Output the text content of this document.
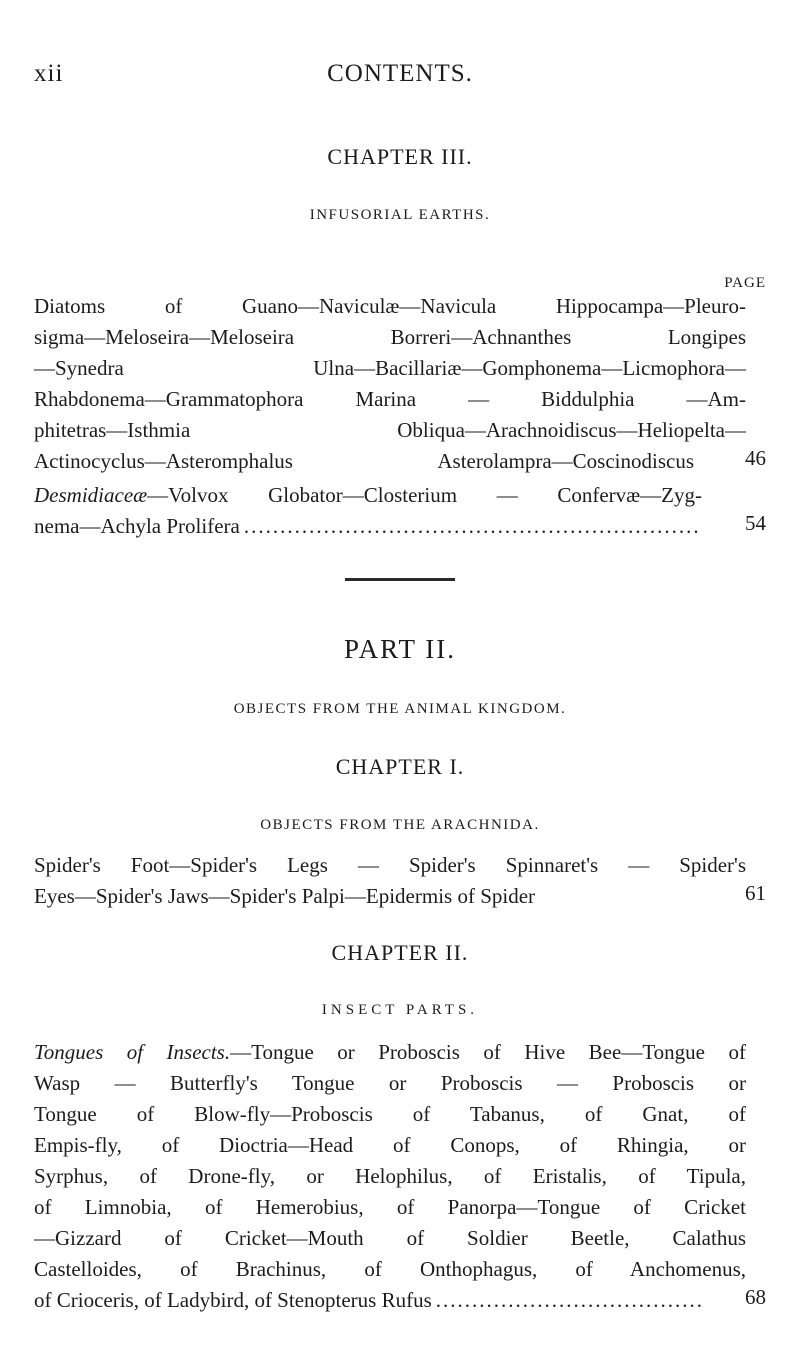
xii	CONTENTS.
CHAPTER III.
INFUSORIAL EARTHS.
PAGE
Diatoms of Guano—Naviculæ—Navicula Hippocampa—Pleuro-
sigma—Meloseira—Meloseira Borreri—Achnanthes Longipes
—Synedra Ulna—Bacillariæ—Gomphonema—Licmophora—
Rhabdonema—Grammatophora Marina — Biddulphia —Am-
phitetras—Isthmia Obliqua—Arachnoidiscus—Heliopelta—
Actinocyclus—Asteromphalus Asterolampra—Coscinodiscus 46
Desmidiaceæ—Volvox Globator—Closterium — Confervæ—Zyg-
nema—Achyla Prolifera .....	54
PART II.
OBJECTS FROM THE ANIMAL KINGDOM.
CHAPTER I.
OBJECTS FROM THE ARACHNIDA.
Spider's Foot—Spider's Legs — Spider's Spinnaret's — Spider's
Eyes—Spider's Jaws—Spider's Palpi—Epidermis of Spider	61
CHAPTER II.
INSECT PARTS.
Tongues of Insects.—Tongue or Proboscis of Hive Bee—Tongue of
Wasp — Butterfly's Tongue or Proboscis — Proboscis or
Tongue of Blow-fly—Proboscis of Tabanus, of Gnat, of
Empis-fly, of Dioctria—Head of Conops, of Rhingia, or
Syrphus, of Drone-fly, or Helophilus, of Eristalis, of Tipula,
of Limnobia, of Hemerobius, of Panorpa—Tongue of Cricket
—Gizzard of Cricket—Mouth of Soldier Beetle, Calathus
Castelloides, of Brachinus, of Onthophagus, of Anchomenus,
of Crioceris, of Ladybird, of Stenopterus Rufus .....	68
